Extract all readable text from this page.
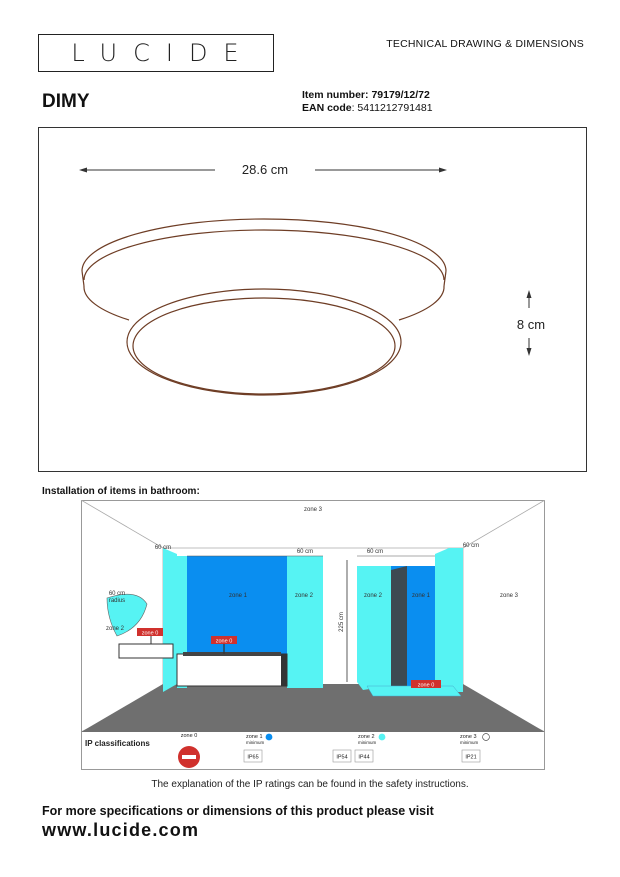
LUCIDE	TECHNICAL DRAWING & DIMENSIONS
DIMY	Item number: 79179/12/72
EAN code: 5411212791481
28.6 cm
8 cm
Installation of items in bathroom:
zone 0
zone 0
zone 0
225 cm
zone 3
zone 3
zone 2
zone 1	zone 2	zone 2	zone 1
60 cm
60 cm	60 cm
60 cm
60 cm
radius
IP classifications
zone 0	zone 1
minimum
IP65
zone 2
minimum
IP54 IP44
zone 3
minimum
IP21
The explanation of the IP ratings can be found in the safety instructions.
For more specifications or dimensions of this product please visit
www.lucide.com
